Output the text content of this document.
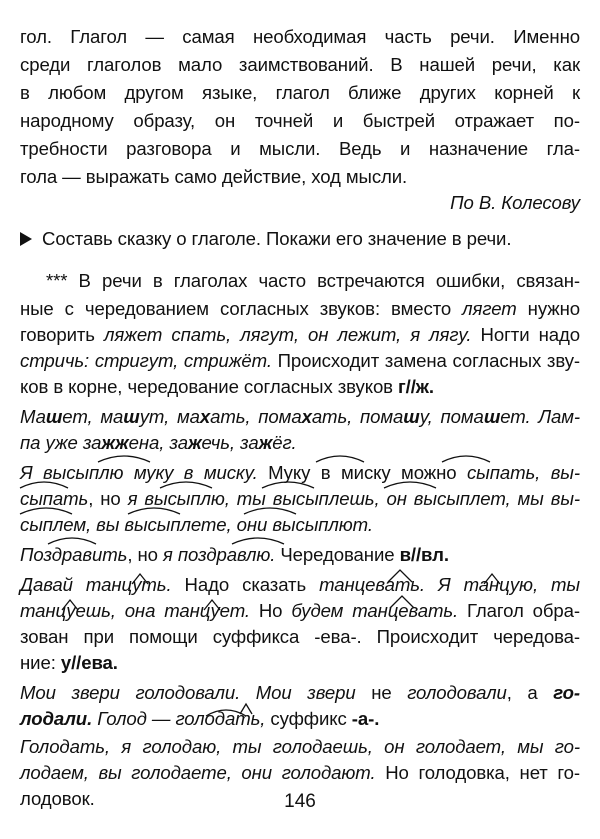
гол. Глагол — самая необходимая часть речи. Именно
среди глаголов мало заимствований. В нашей речи, как
в любом другом языке, глагол ближе других корней к
народному образу, он точней и быстрей отражает по-
требности разговора и мысли. Ведь и назначение гла-
гола — выражать само действие, ход мысли.
По В. Колесову
Составь сказку о глаголе. Покажи его значение в речи.
*** В речи в глаголах часто встречаются ошибки, связан-
ные с чередованием согласных звуков: вместо лягет нужно
говорить ляжет спать, лягут, он лежит, я лягу. Ногти надо
стричь: стригут, стрижёт. Происходит замена согласных зву-
ков в корне, чередование согласных звуков г//ж.
Машет, машут, махать, помахать, помашу, помашет. Лам-
па уже зажжена, зажечь, зажёг.
Я высыплю муку в миску. Муку в миску можно сыпать, вы-
сыпать, но я высыплю, ты высыплешь, он высыплет, мы вы-
сыплем, вы высыплете, они высыплют.
Поздравить, но я поздравлю. Чередование в//вл.
Давай танцуть. Надо сказать танцевать. Я танцую, ты
танцуешь, она танцует. Но будем танцевать. Глагол обра-
зован при помощи суффикса -ева-. Происходит чередова-
ние: у//ева.
Мои звери голодовали. Мои звери не голодовали, а го-
лодали. Голод — голодать, суффикс -а-.
Голодать, я голодаю, ты голодаешь, он голодает, мы го-
лодаем, вы голодаете, они голодают. Но голодовка, нет го-
лодовок.	146
